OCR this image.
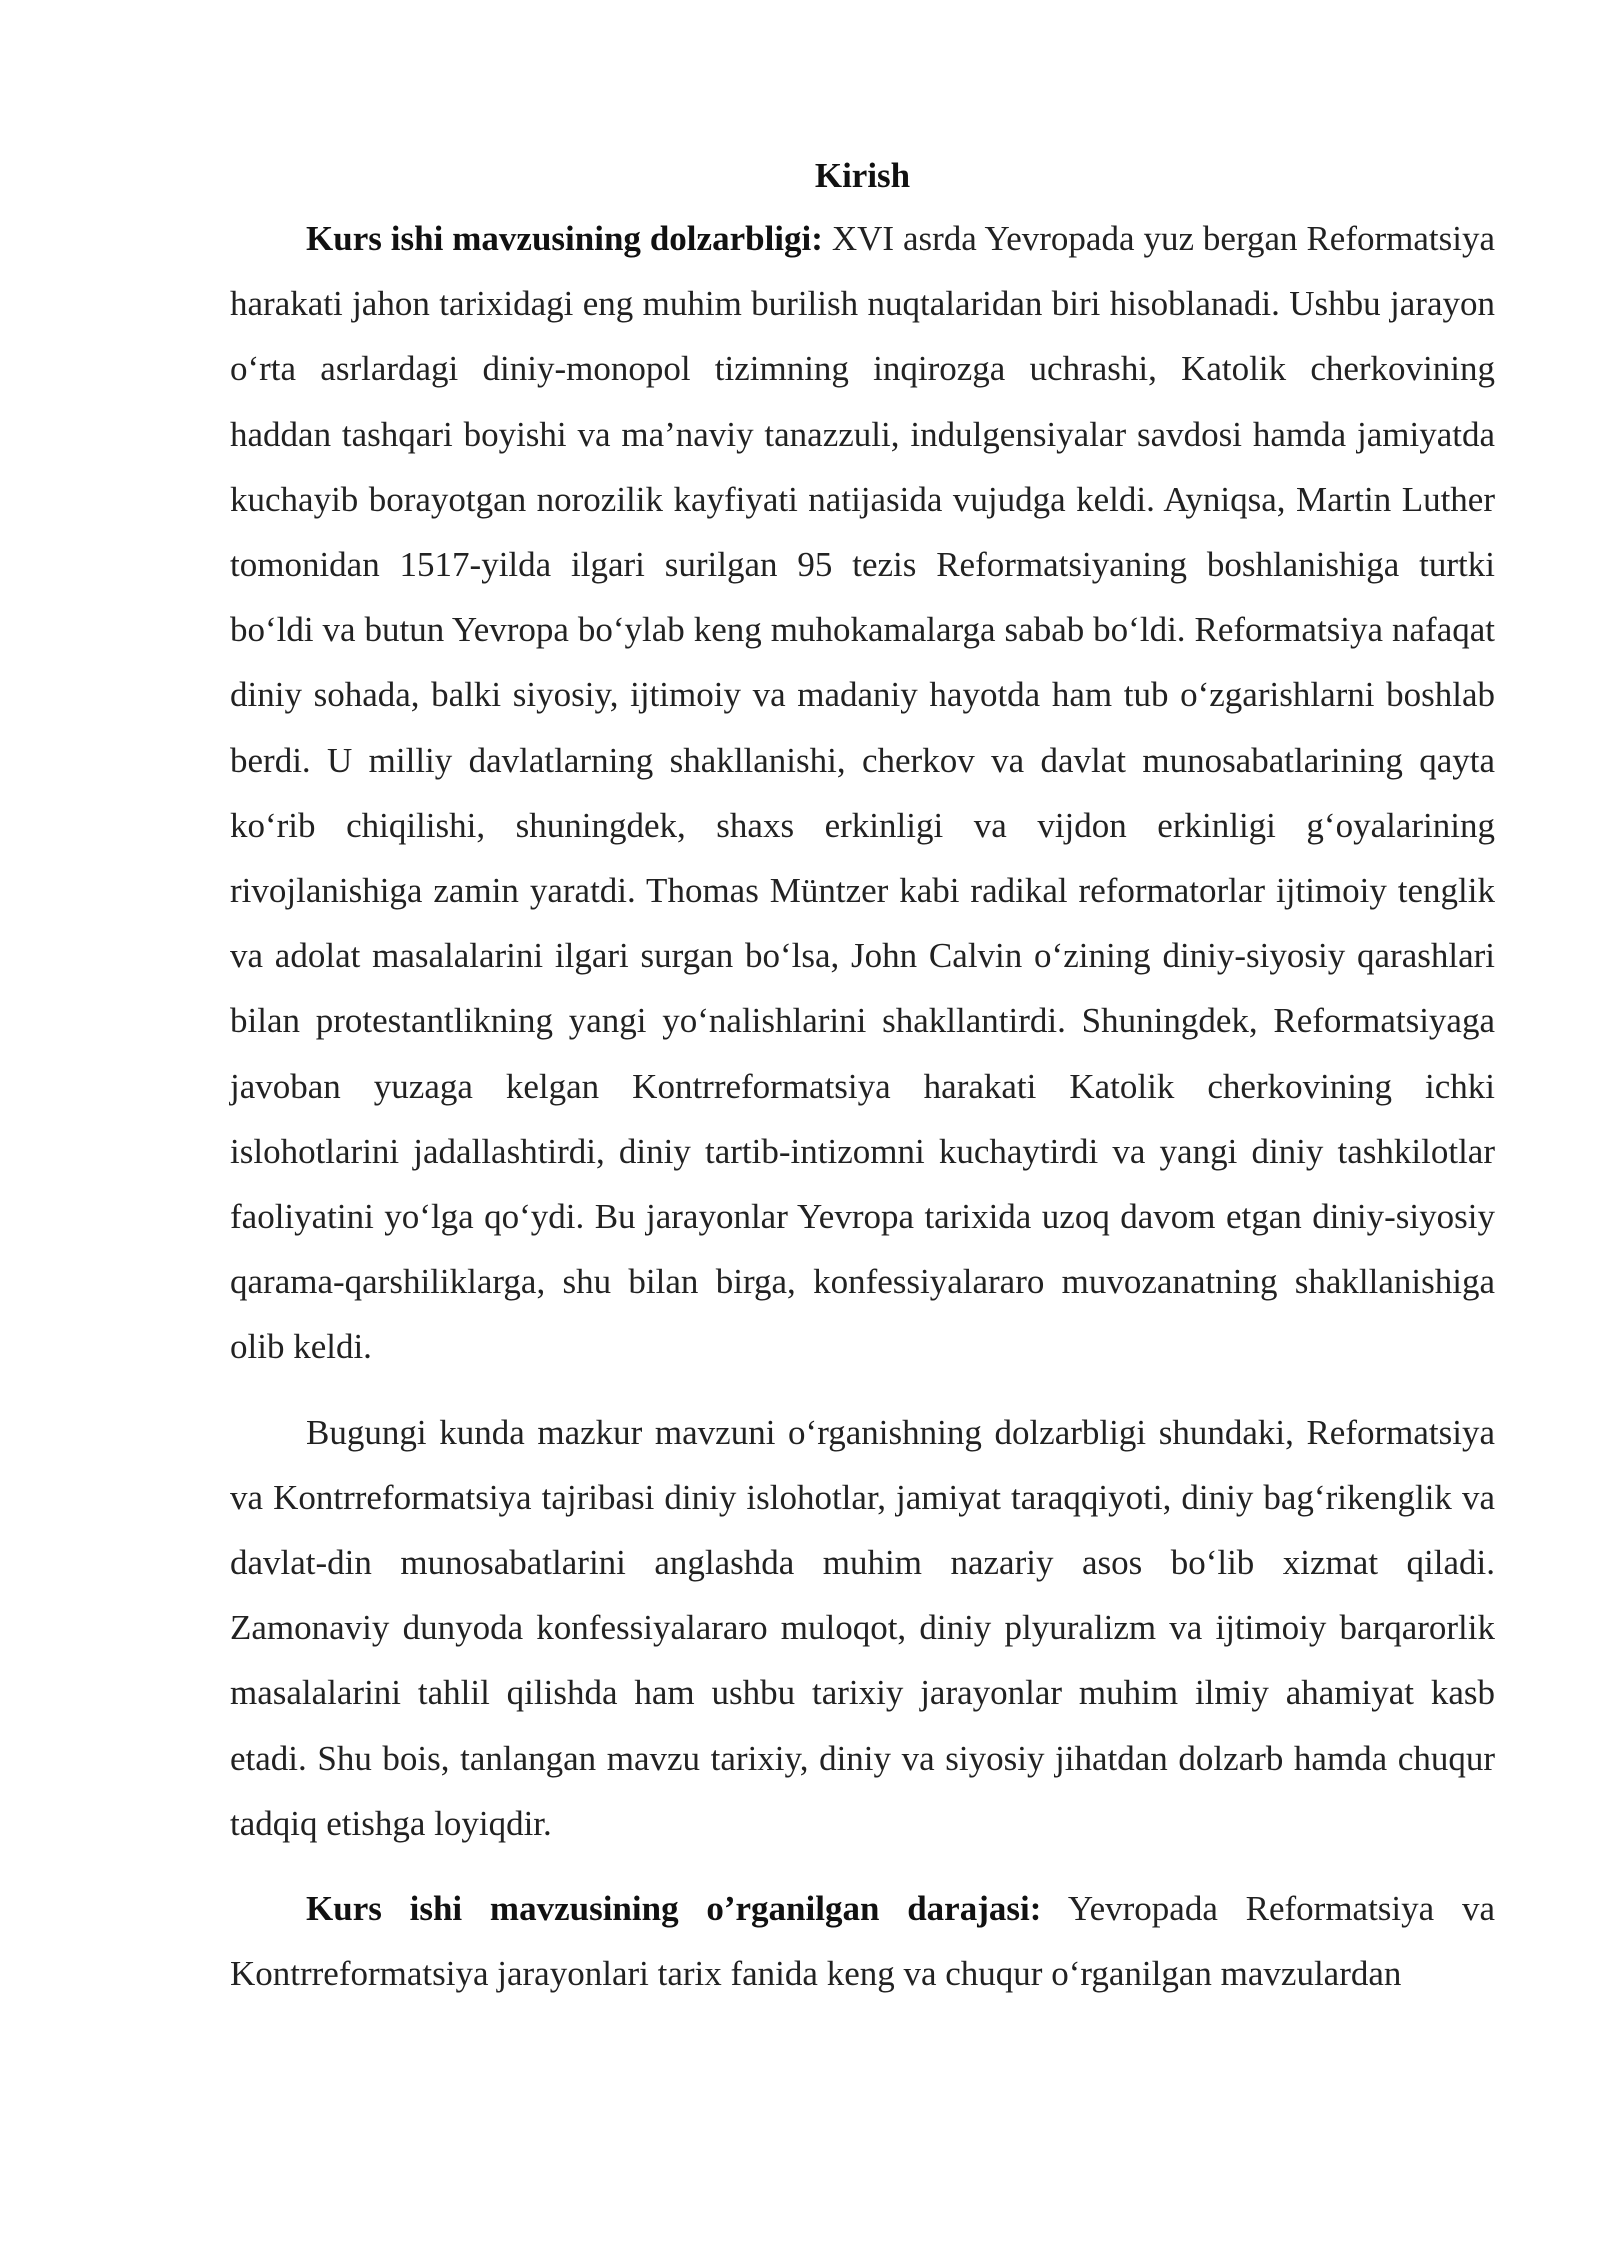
Kirish

Kurs ishi mavzusining dolzarbligi: XVI asrda Yevropada yuz bergan Reformatsiya harakati jahon tarixidagi eng muhim burilish nuqtalaridan biri hisoblanadi. Ushbu jarayon o‘rta asrlardagi diniy-monopol tizimning inqirozga uchrashi, Katolik cherkovining haddan tashqari boyishi va ma’naviy tanazzuli, indulgensiyalar savdosi hamda jamiyatda kuchayib borayotgan norozilik kayfiyati natijasida vujudga keldi. Ayniqsa, Martin Luther tomonidan 1517-yilda ilgari surilgan 95 tezis Reformatsiyaning boshlanishiga turtki bo‘ldi va butun Yevropa bo‘ylab keng muhokamalarga sabab bo‘ldi. Reformatsiya nafaqat diniy sohada, balki siyosiy, ijtimoiy va madaniy hayotda ham tub o‘zgarishlarni boshlab berdi. U milliy davlatlarning shakllanishi, cherkov va davlat munosabatlarining qayta ko‘rib chiqilishi, shuningdek, shaxs erkinligi va vijdon erkinligi g‘oyalarining rivojlanishiga zamin yaratdi. Thomas Müntzer kabi radikal reformatorlar ijtimoiy tenglik va adolat masalalarini ilgari surgan bo‘lsa, John Calvin o‘zining diniy-siyosiy qarashlari bilan protestantlikning yangi yo‘nalishlarini shakllantirdi. Shuningdek, Reformatsiyaga javoban yuzaga kelgan Kontrreformatsiya harakati Katolik cherkovining ichki islohotlarini jadallashtirdi, diniy tartib-intizomni kuchaytirdi va yangi diniy tashkilotlar faoliyatini yo‘lga qo‘ydi. Bu jarayonlar Yevropa tarixida uzoq davom etgan diniy-siyosiy qarama-qarshiliklarga, shu bilan birga, konfessiyalararo muvozanatning shakllanishiga olib keldi.

Bugungi kunda mazkur mavzuni o‘rganishning dolzarbligi shundaki, Reformatsiya va Kontrreformatsiya tajribasi diniy islohotlar, jamiyat taraqqiyoti, diniy bag‘rikenglik va davlat-din munosabatlarini anglashda muhim nazariy asos bo‘lib xizmat qiladi. Zamonaviy dunyoda konfessiyalararo muloqot, diniy plyuralizm va ijtimoiy barqarorlik masalalarini tahlil qilishda ham ushbu tarixiy jarayonlar muhim ilmiy ahamiyat kasb etadi. Shu bois, tanlangan mavzu tarixiy, diniy va siyosiy jihatdan dolzarb hamda chuqur tadqiq etishga loyiqdir.

Kurs ishi mavzusining o’rganilgan darajasi: Yevropada Reformatsiya va Kontrreformatsiya jarayonlari tarix fanida keng va chuqur o‘rganilgan mavzulardan
